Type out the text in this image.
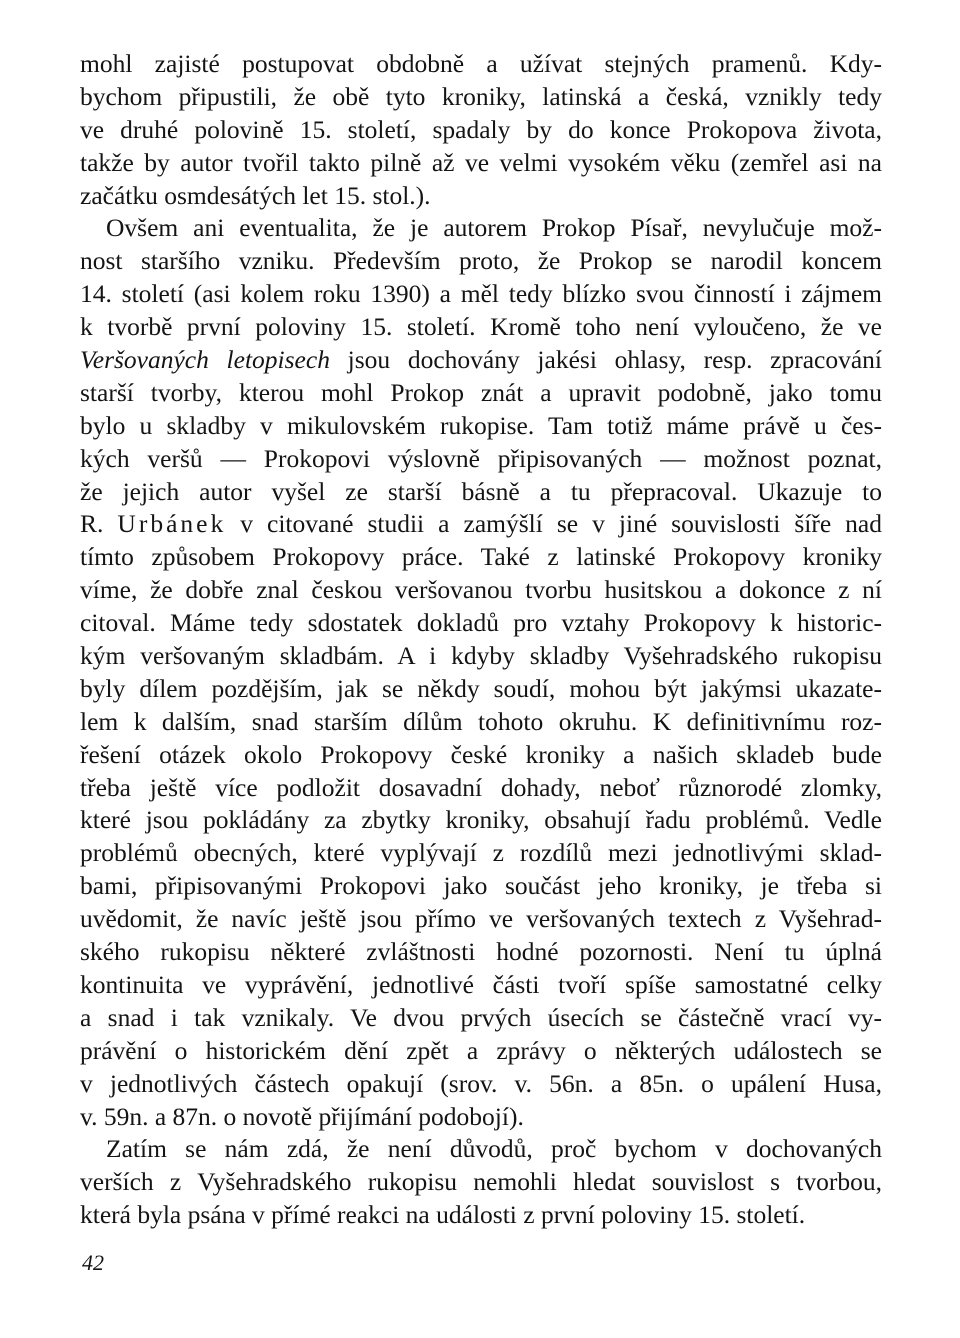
mohl zajisté postupovat obdobně a užívat stejných pramenů. Kdy-
bychom připustili, že obě tyto kroniky, latinská a česká, vznikly tedy
ve druhé polovině 15. století, spadaly by do konce Prokopova života,
takže by autor tvořil takto pilně až ve velmi vysokém věku (zemřel asi na
začátku osmdesátých let 15. stol.).
Ovšem ani eventualita, že je autorem Prokop Písař, nevylučuje mož-
nost staršího vzniku. Především proto, že Prokop se narodil koncem
14. století (asi kolem roku 1390) a měl tedy blízko svou činností i zájmem
k tvorbě první poloviny 15. století. Kromě toho není vyloučeno, že ve
Veršovaných letopisech jsou dochovány jakési ohlasy, resp. zpracování
starší tvorby, kterou mohl Prokop znát a upravit podobně, jako tomu
bylo u skladby v mikulovském rukopise. Tam totiž máme právě u čes-
kých veršů — Prokopovi výslovně připisovaných — možnost poznat,
že jejich autor vyšel ze starší básně a tu přepracoval. Ukazuje to
R. Urbánek v citované studii a zamýšlí se v jiné souvislosti šíře nad
tímto způsobem Prokopovy práce. Také z latinské Prokopovy kroniky
víme, že dobře znal českou veršovanou tvorbu husitskou a dokonce z ní
citoval. Máme tedy sdostatek dokladů pro vztahy Prokopovy k historic-
kým veršovaným skladbám. A i kdyby skladby Vyšehradského rukopisu
byly dílem pozdějším, jak se někdy soudí, mohou být jakýmsi ukazate-
lem k dalším, snad starším dílům tohoto okruhu. K definitivnímu roz-
řešení otázek okolo Prokopovy české kroniky a našich skladeb bude
třeba ještě více podložit dosavadní dohady, neboť různorodé zlomky,
které jsou pokládány za zbytky kroniky, obsahují řadu problémů. Vedle
problémů obecných, které vyplývají z rozdílů mezi jednotlivými sklad-
bami, připisovanými Prokopovi jako součást jeho kroniky, je třeba si
uvědomit, že navíc ještě jsou přímo ve veršovaných textech z Vyšehrad-
ského rukopisu některé zvláštnosti hodné pozornosti. Není tu úplná
kontinuita ve vyprávění, jednotlivé části tvoří spíše samostatné celky
a snad i tak vznikaly. Ve dvou prvých úsecích se částečně vrací vy-
právění o historickém dění zpět a zprávy o některých událostech se
v jednotlivých částech opakují (srov. v. 56n. a 85n. o upálení Husa,
v. 59n. a 87n. o novotě přijímání podobojí).
Zatím se nám zdá, že není důvodů, proč bychom v dochovaných
verších z Vyšehradského rukopisu nemohli hledat souvislost s tvorbou,
která byla psána v přímé reakci na události z první poloviny 15. století.
42
